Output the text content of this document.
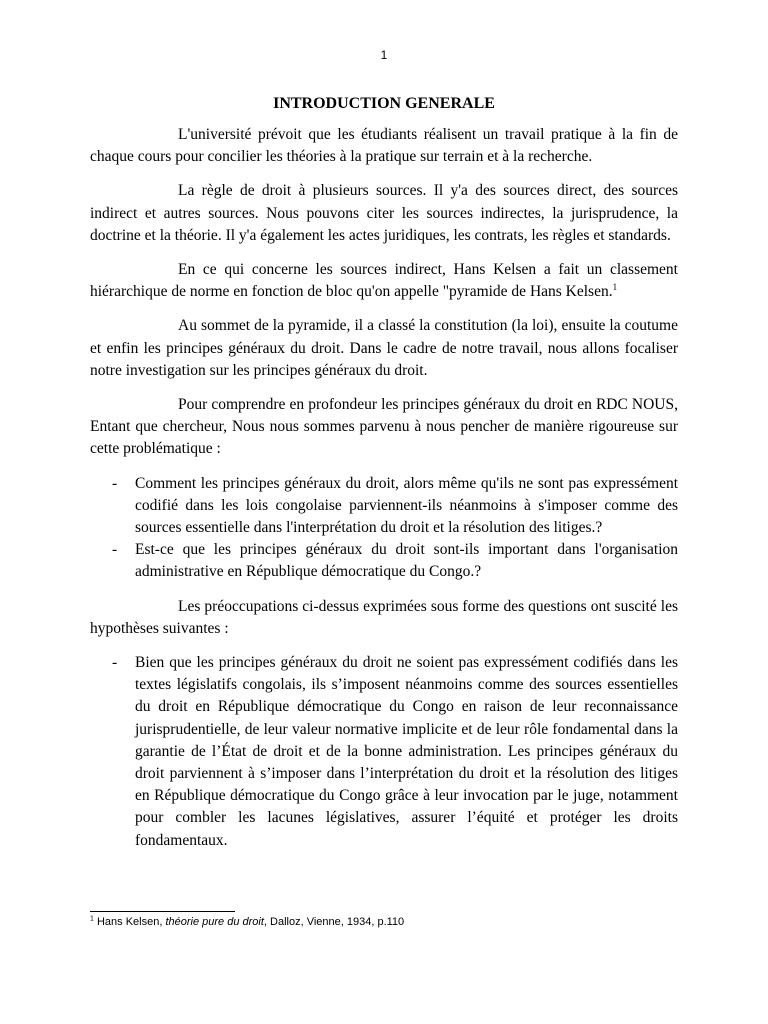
1
INTRODUCTION GENERALE

L'université prévoit que les étudiants réalisent un travail pratique à la fin de chaque cours pour concilier les théories à la pratique sur terrain et à la recherche.

La règle de droit à plusieurs sources. Il y'a des sources direct, des sources indirect et autres sources. Nous pouvons citer les sources indirectes, la jurisprudence, la doctrine et la théorie. Il y'a également les actes juridiques, les contrats, les règles et standards.

En ce qui concerne les sources indirect, Hans Kelsen a fait un classement hiérarchique de norme en fonction de bloc qu'on appelle "pyramide de Hans Kelsen.$^1$

Au sommet de la pyramide, il a classé la constitution (la loi), ensuite la coutume et enfin les principes généraux du droit. Dans le cadre de notre travail, nous allons focaliser notre investigation sur les principes généraux du droit.

Pour comprendre en profondeur les principes généraux du droit en RDC NOUS, Entant que chercheur, Nous nous sommes parvenu à nous pencher de manière rigoureuse sur cette problématique :

- Comment les principes généraux du droit, alors même qu'ils ne sont pas expressément codifié dans les lois congolaise parviennent-ils néanmoins à s'imposer comme des sources essentielle dans l'interprétation du droit et la résolution des litiges.?
- Est-ce que les principes généraux du droit sont-ils important dans l'organisation administrative en République démocratique du Congo.?

Les préoccupations ci-dessus exprimées sous forme des questions ont suscité les hypothèses suivantes :

- Bien que les principes généraux du droit ne soient pas expressément codifiés dans les textes législatifs congolais, ils s’imposent néanmoins comme des sources essentielles du droit en République démocratique du Congo en raison de leur reconnaissance jurisprudentielle, de leur valeur normative implicite et de leur rôle fondamental dans la garantie de l’État de droit et de la bonne administration. Les principes généraux du droit parviennent à s’imposer dans l’interprétation du droit et la résolution des litiges en République démocratique du Congo grâce à leur invocation par le juge, notamment pour combler les lacunes législatives, assurer l’équité et protéger les droits fondamentaux.
$^1$ Hans Kelsen, théorie pure du droit, Dalloz, Vienne, 1934, p.110
